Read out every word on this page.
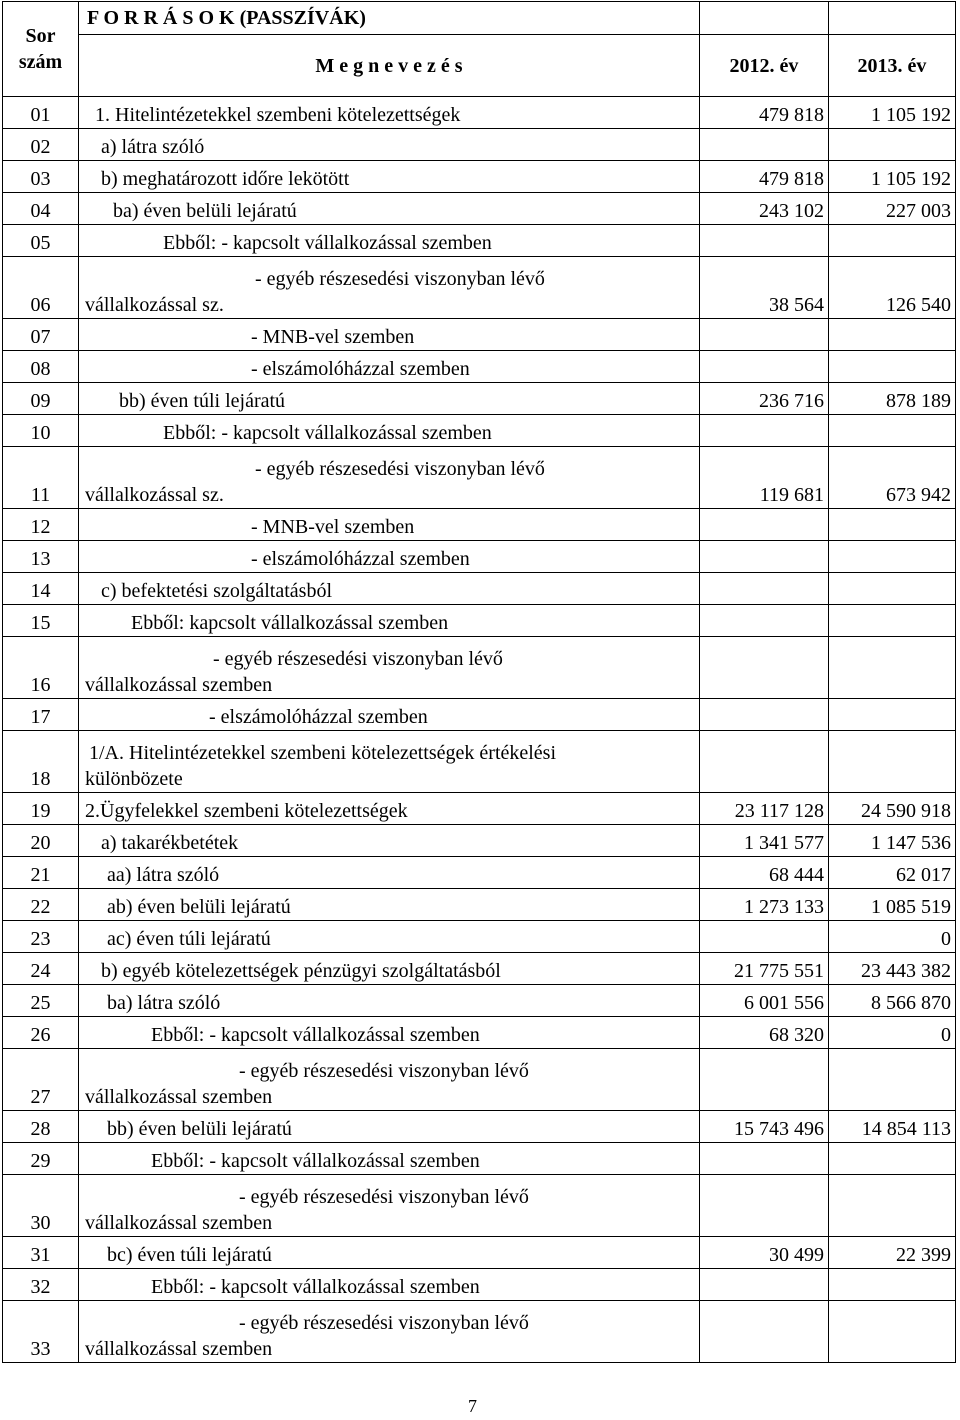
Sor
szám	F O R R Á S O K (PASSZÍVÁK)		
	M e g n e v e z é s	2012. év	2013. év
01	1. Hitelintézetekkel szembeni kötelezettségek	479 818	1 105 192
02	a) látra szóló		
03	b) meghatározott időre lekötött	479 818	1 105 192
04	ba) éven belüli lejáratú	243 102	227 003
05	Ebből: - kapcsolt vállalkozással szemben		
06	- egyéb részesedési viszonyban lévő
vállalkozással sz.	38 564	126 540
07	- MNB-vel szemben		
08	- elszámolóházzal szemben		
09	bb) éven túli lejáratú	236 716	878 189
10	Ebből: - kapcsolt vállalkozással szemben		
11	- egyéb részesedési viszonyban lévő
vállalkozással sz.	119 681	673 942
12	- MNB-vel szemben		
13	- elszámolóházzal szemben		
14	c) befektetési szolgáltatásból		
15	Ebből: kapcsolt vállalkozással szemben		
16	- egyéb részesedési viszonyban lévő
vállalkozással szemben		

17	- elszámolóházzal szemben		
18	1/A. Hitelintézetekkel szembeni kötelezettségek értékelési
különbözete		

19	2.Ügyfelekkel szembeni kötelezettségek	23 117 128	24 590 918
20	a) takarékbetétek	1 341 577	1 147 536
21	aa) látra szóló	68 444	62 017
22	ab) éven belüli lejáratú	1 273 133	1 085 519
23	ac) éven túli lejáratú		0
24	b) egyéb kötelezettségek pénzügyi szolgáltatásból	21 775 551	23 443 382
25	ba) látra szóló	6 001 556	8 566 870
26	Ebből: - kapcsolt vállalkozással szemben	68 320	0
27	- egyéb részesedési viszonyban lévő
vállalkozással szemben		

28	bb) éven belüli lejáratú	15 743 496	14 854 113
29	Ebből: - kapcsolt vállalkozással szemben		
30	- egyéb részesedési viszonyban lévő
vállalkozással szemben		

31	bc) éven túli lejáratú	30 499	22 399
32	Ebből: - kapcsolt vállalkozással szemben		
33	- egyéb részesedési viszonyban lévő
vállalkozással szemben		

7
